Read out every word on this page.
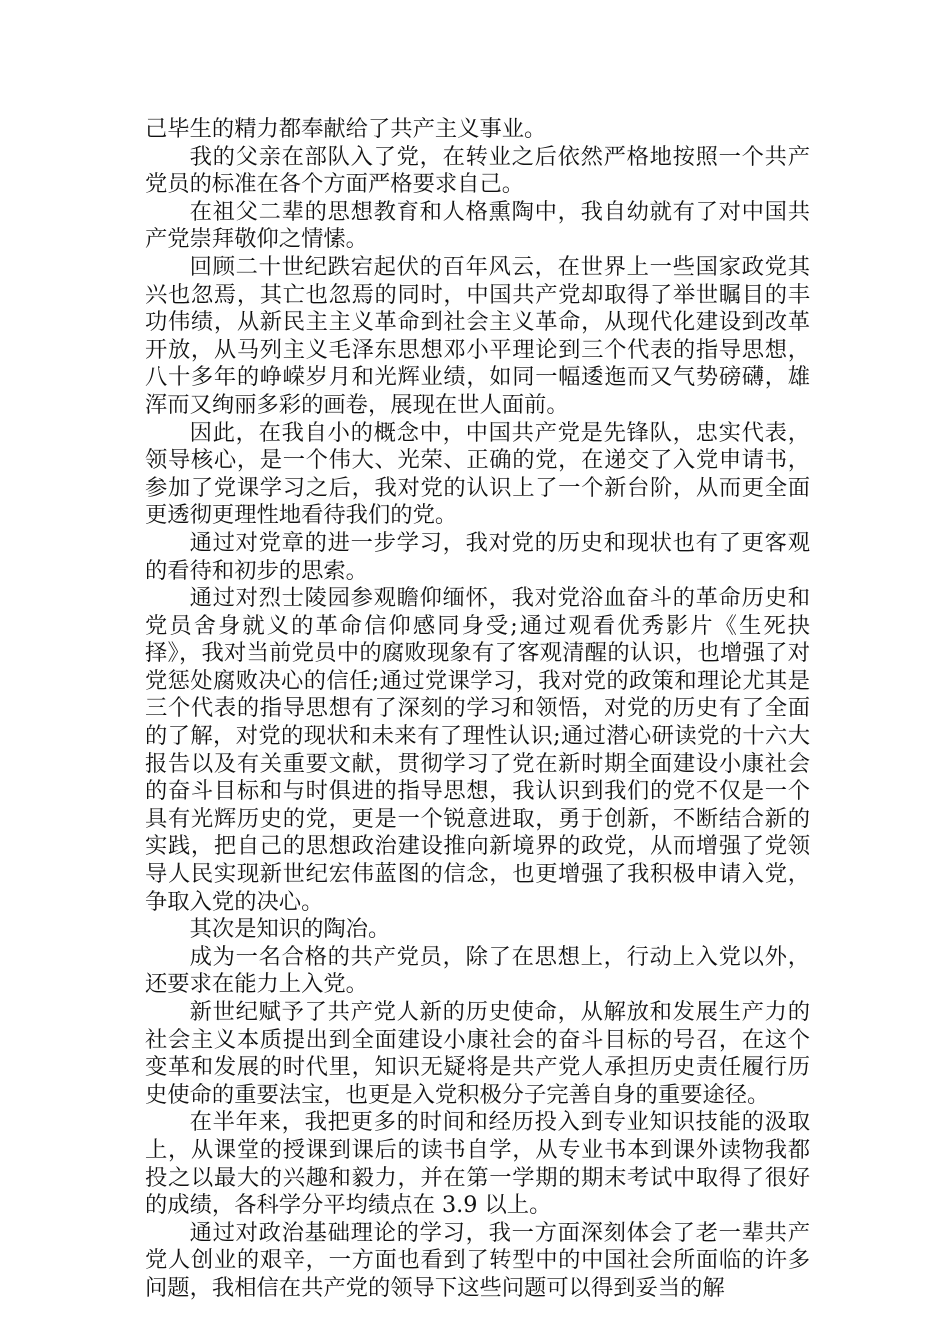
己毕生的精力都奉献给了共产主义事业。

我的父亲在部队入了党，在转业之后依然严格地按照一个共产党员的标准在各个方面严格要求自己。

在祖父二辈的思想教育和人格熏陶中，我自幼就有了对中国共产党崇拜敬仰之情愫。

回顾二十世纪跌宕起伏的百年风云，在世界上一些国家政党其兴也忽焉，其亡也忽焉的同时，中国共产党却取得了举世瞩目的丰功伟绩，从新民主主义革命到社会主义革命，从现代化建设到改革开放，从马列主义毛泽东思想邓小平理论到三个代表的指导思想，八十多年的峥嵘岁月和光辉业绩，如同一幅逶迤而又气势磅礴，雄浑而又绚丽多彩的画卷，展现在世人面前。

因此，在我自小的概念中，中国共产党是先锋队，忠实代表，领导核心，是一个伟大、光荣、正确的党，在递交了入党申请书，参加了党课学习之后，我对党的认识上了一个新台阶，从而更全面更透彻更理性地看待我们的党。

通过对党章的进一步学习，我对党的历史和现状也有了更客观的看待和初步的思索。

通过对烈士陵园参观瞻仰缅怀，我对党浴血奋斗的革命历史和党员舍身就义的革命信仰感同身受;通过观看优秀影片《生死抉择》，我对当前党员中的腐败现象有了客观清醒的认识，也增强了对党惩处腐败决心的信任;通过党课学习，我对党的政策和理论尤其是三个代表的指导思想有了深刻的学习和领悟，对党的历史有了全面的了解，对党的现状和未来有了理性认识;通过潜心研读党的十六大报告以及有关重要文献，贯彻学习了党在新时期全面建设小康社会的奋斗目标和与时俱进的指导思想，我认识到我们的党不仅是一个具有光辉历史的党，更是一个锐意进取，勇于创新，不断结合新的实践，把自己的思想政治建设推向新境界的政党，从而增强了党领导人民实现新世纪宏伟蓝图的信念，也更增强了我积极申请入党，争取入党的决心。

其次是知识的陶冶。

成为一名合格的共产党员，除了在思想上，行动上入党以外，还要求在能力上入党。

新世纪赋予了共产党人新的历史使命，从解放和发展生产力的社会主义本质提出到全面建设小康社会的奋斗目标的号召，在这个变革和发展的时代里，知识无疑将是共产党人承担历史责任履行历史使命的重要法宝，也更是入党积极分子完善自身的重要途径。

在半年来，我把更多的时间和经历投入到专业知识技能的汲取上，从课堂的授课到课后的读书自学，从专业书本到课外读物我都投之以最大的兴趣和毅力，并在第一学期的期末考试中取得了很好的成绩，各科学分平均绩点在 3.9 以上。

通过对政治基础理论的学习，我一方面深刻体会了老一辈共产党人创业的艰辛，一方面也看到了转型中的中国社会所面临的许多问题，我相信在共产党的领导下这些问题可以得到妥当的解
